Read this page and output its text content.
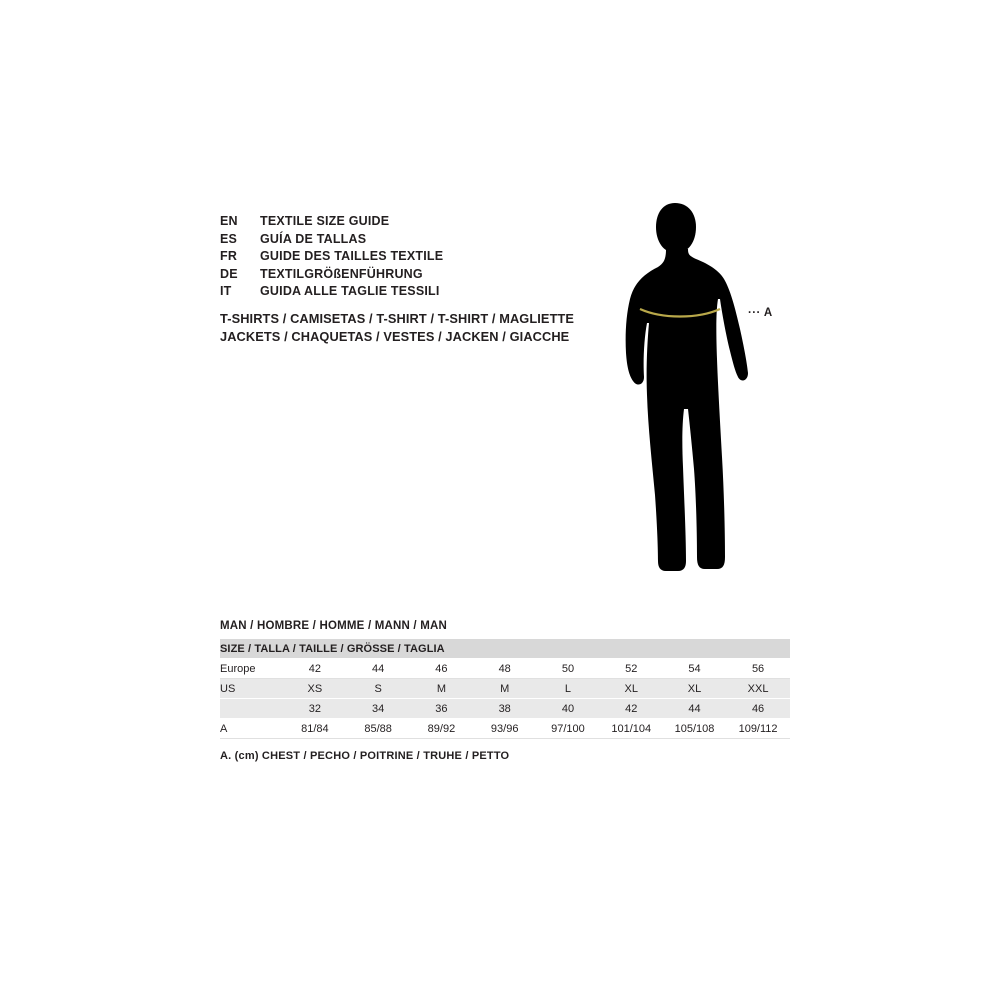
EN	TEXTILE SIZE GUIDE
ES	GUÍA DE TALLAS
FR	GUIDE DES TAILLES TEXTILE
DE	TEXTILGRÖßENFÜHRUNG
IT	GUIDA ALLE TAGLIE TESSILI
T-SHIRTS / CAMISETAS / T-SHIRT / T-SHIRT / MAGLIETTE
JACKETS / CHAQUETAS / VESTES / JACKEN / GIACCHE
··· A
MAN / HOMBRE / HOMME / MANN / MAN
SIZE / TALLA / TAILLE / GRÖSSE / TAGLIA								
Europe	42	44	46	48	50	52	54	56
US	XS	S	M	M	L	XL	XL	XXL
	32	34	36	38	40	42	44	46
A	81/84	85/88	89/92	93/96	97/100	101/104	105/108	109/112
A. (cm) CHEST / PECHO / POITRINE / TRUHE / PETTO
